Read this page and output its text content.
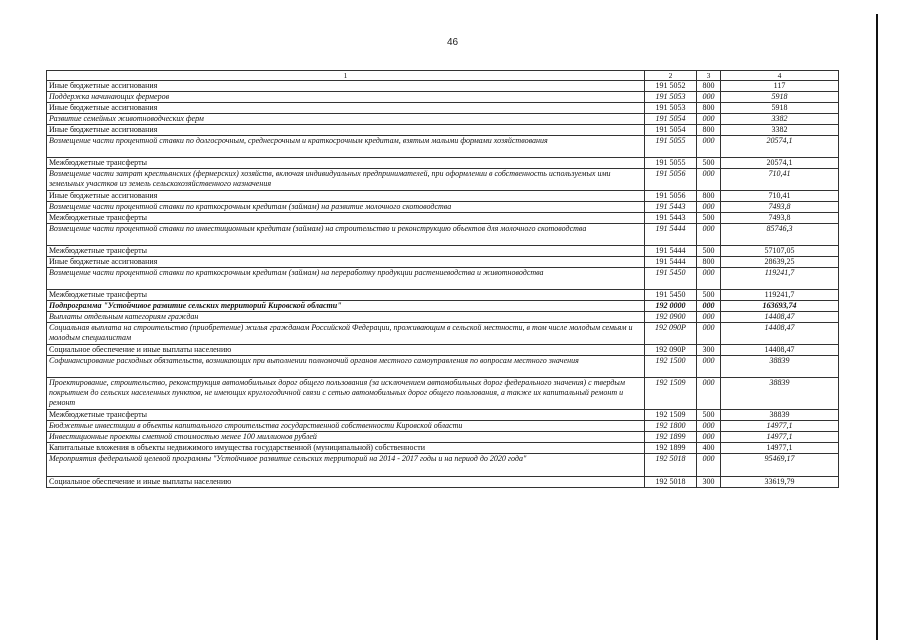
46
1	2	3	4
Иные бюджетные ассигнования	191 5052	800	117
Поддержка начинающих фермеров	191 5053	000	5918
Иные бюджетные ассигнования	191 5053	800	5918
Развитие семейных животноводческих ферм	191 5054	000	3382
Иные бюджетные ассигнования	191 5054	800	3382
Возмещение части процентной ставки по долгосрочным, среднесрочным и краткосрочным кредитам, взятым малыми формами хозяйствования	191 5055	000	20574,1
Межбюджетные трансферты	191 5055	500	20574,1
Возмещение части затрат крестьянских (фермерских) хозяйств, включая индивидуальных предпринимателей, при оформлении в собственность используемых ими земельных участков из земель сельскохозяйственного назначения	191 5056	000	710,41
Иные бюджетные ассигнования	191 5056	800	710,41
Возмещение части процентной ставки по краткосрочным кредитам (займам) на развитие молочного скотоводства	191 5443	000	7493,8
Межбюджетные трансферты	191 5443	500	7493,8
Возмещение части процентной ставки по инвестиционным кредитам (займам) на строительство и реконструкцию объектов для молочного скотоводства	191 5444	000	85746,3
Межбюджетные трансферты	191 5444	500	57107,05
Иные бюджетные ассигнования	191 5444	800	28639,25
Возмещение части процентной ставки по краткосрочным кредитам (займам) на переработку продукции растениеводства и животноводства	191 5450	000	119241,7
Межбюджетные трансферты	191 5450	500	119241,7
Подпрограмма "Устойчивое развитие сельских территорий Кировской области"	192 0000	000	163693,74
Выплаты отдельным категориям граждан	192 0900	000	14408,47
Социальная выплата на строительство (приобретение) жилья гражданам Российской Федерации, проживающим в сельской местности, в том числе молодым семьям и молодым специалистам	192 090Р	000	14408,47
Социальное обеспечение и иные выплаты населению	192 090Р	300	14408,47
Софинансирование расходных обязательств, возникающих при выполнении полномочий органов местного самоуправления по вопросам местного значения	192 1500	000	38839
Проектирование, строительство, реконструкция автомобильных дорог общего пользования (за исключением автомобильных дорог федерального значения) с твердым покрытием до сельских населенных пунктов, не имеющих круглогодичной связи с сетью автомобильных дорог общего пользования, а также их капитальный ремонт и ремонт	192 1509	000	38839
Межбюджетные трансферты	192 1509	500	38839
Бюджетные инвестиции в объекты капитального строительства государственной собственности Кировской области	192 1800	000	14977,1
Инвестиционные проекты сметной стоимостью менее 100 миллионов рублей	192 1899	000	14977,1
Капитальные вложения в объекты недвижимого имущества государственной (муниципальной) собственности	192 1899	400	14977,1
Мероприятия федеральной целевой программы "Устойчивое развитие сельских территорий на 2014 - 2017 годы и на период до 2020 года"	192 5018	000	95469,17
Социальное обеспечение и иные выплаты населению	192 5018	300	33619,79
